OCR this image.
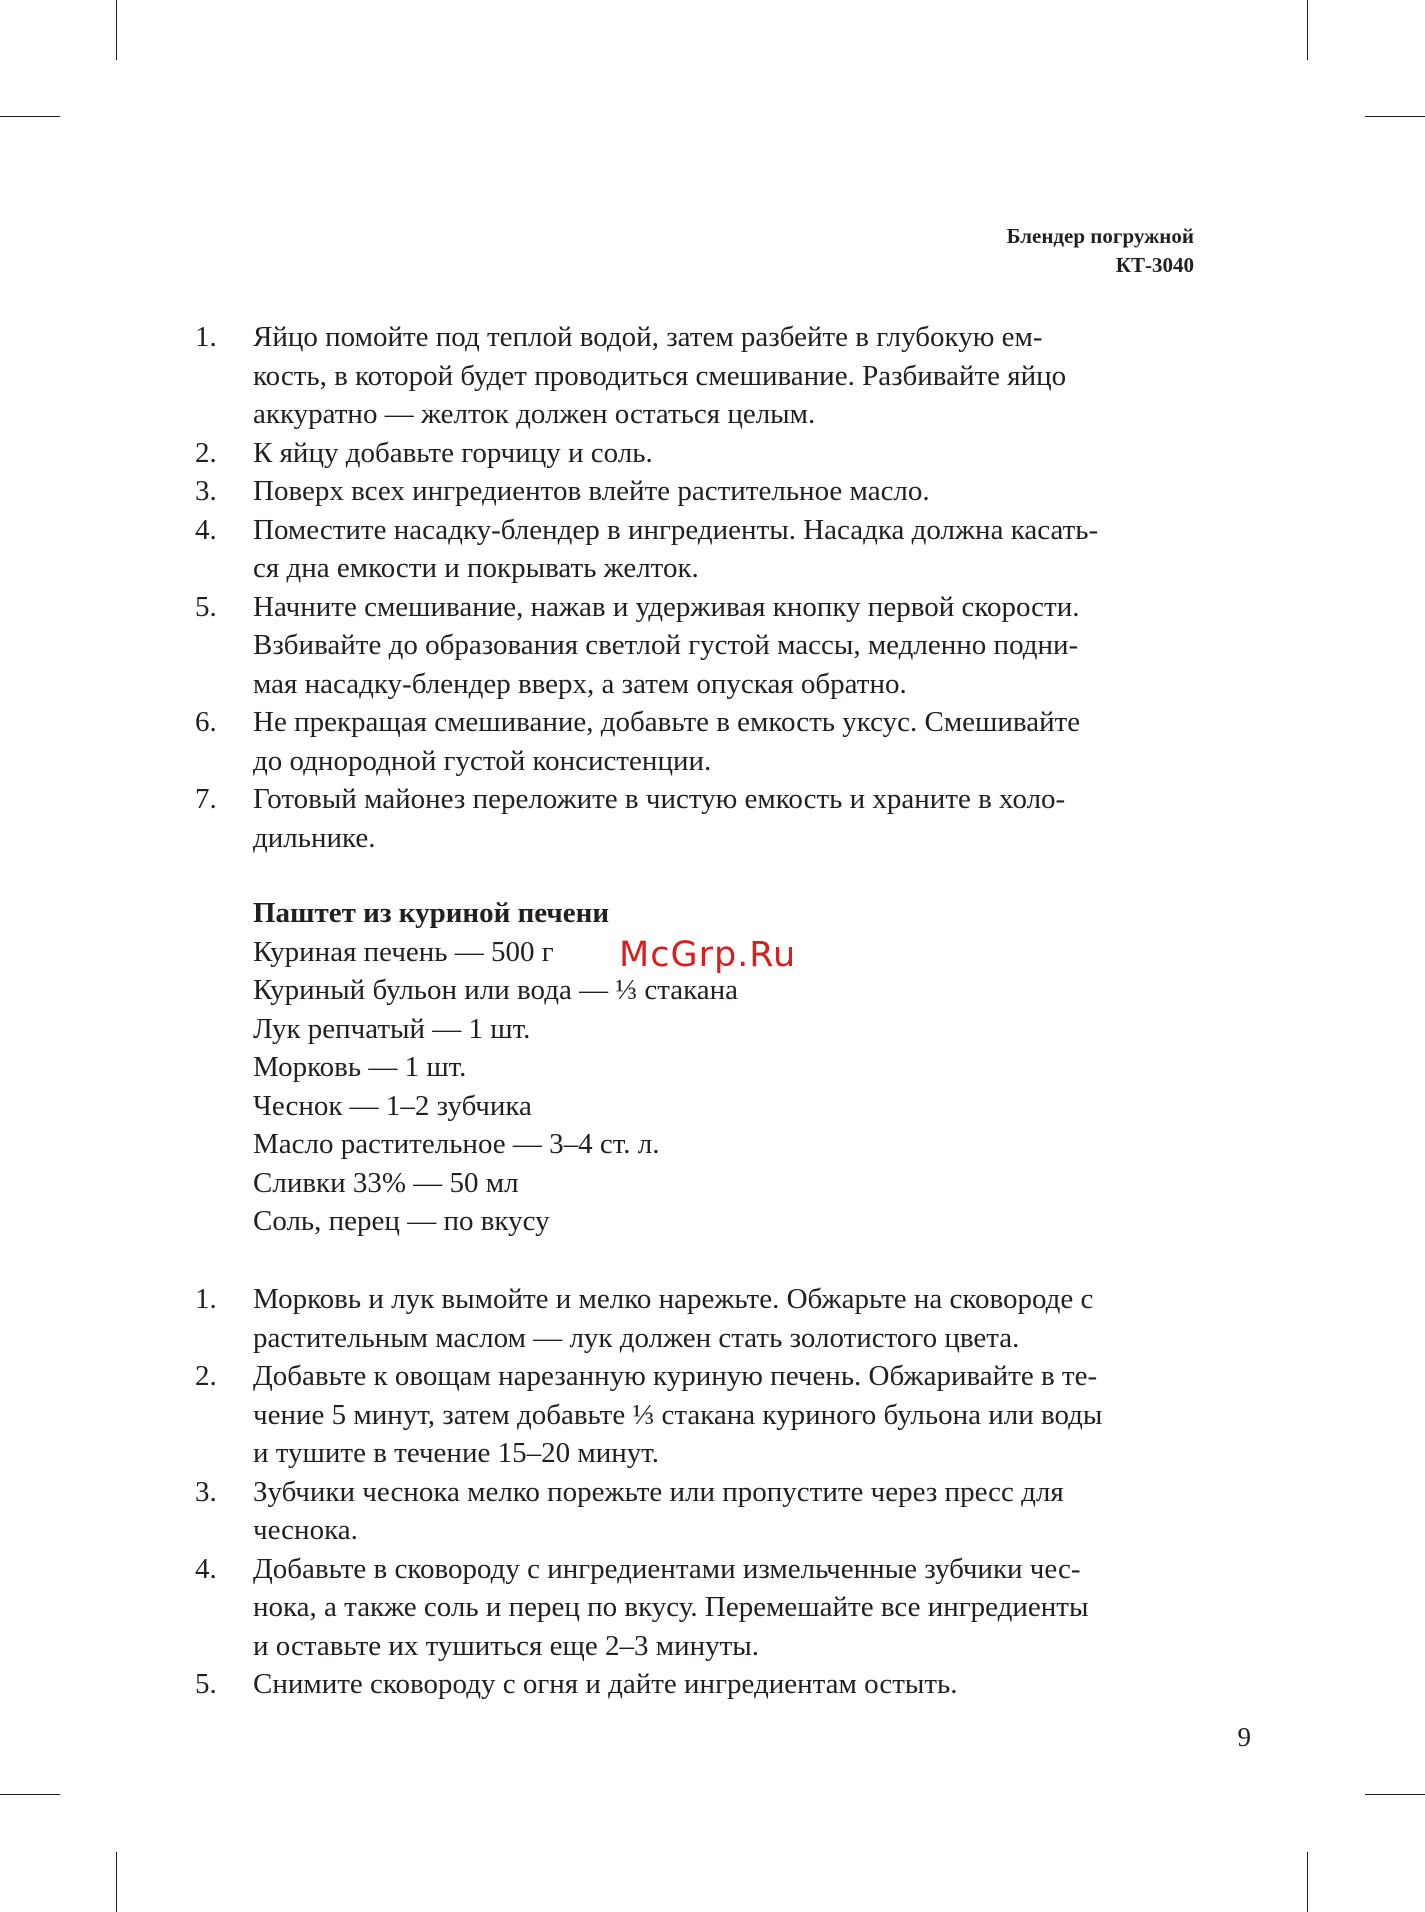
Блендер погружной
КТ-3040
1. Яйцо помойте под теплой водой, затем разбейте в глубокую ем-
кость, в которой будет проводиться смешивание. Разбивайте яйцо
аккуратно — желток должен остаться целым.
2. К яйцу добавьте горчицу и соль.
3. Поверх всех ингредиентов влейте растительное масло.
4. Поместите насадку-блендер в ингредиенты. Насадка должна касать-
ся дна емкости и покрывать желток.
5. Начните смешивание, нажав и удерживая кнопку первой скорости.
Взбивайте до образования светлой густой массы, медленно подни-
мая насадку-блендер вверх, а затем опуская обратно.
6. Не прекращая смешивание, добавьте в емкость уксус. Смешивайте
до однородной густой консистенции.
7. Готовый майонез переложите в чистую емкость и храните в холо-
дильнике.
Паштет из куриной печени
Куриная печень — 500 г
Куриный бульон или вода — ⅓ стакана
Лук репчатый — 1 шт.
Морковь — 1 шт.
Чеснок — 1–2 зубчика
Масло растительное — 3–4 ст. л.
Сливки 33% — 50 мл
Соль, перец — по вкусу
McGrp.Ru
1. Морковь и лук вымойте и мелко нарежьте. Обжарьте на сковороде с
растительным маслом — лук должен стать золотистого цвета.
2. Добавьте к овощам нарезанную куриную печень. Обжаривайте в те-
чение 5 минут, затем добавьте ⅓ стакана куриного бульона или воды
и тушите в течение 15–20 минут.
3. Зубчики чеснока мелко порежьте или пропустите через пресс для
чеснока.
4. Добавьте в сковороду с ингредиентами измельченные зубчики чес-
нока, а также соль и перец по вкусу. Перемешайте все ингредиенты
и оставьте их тушиться еще 2–3 минуты.
5. Снимите сковороду с огня и дайте ингредиентам остыть.
9
